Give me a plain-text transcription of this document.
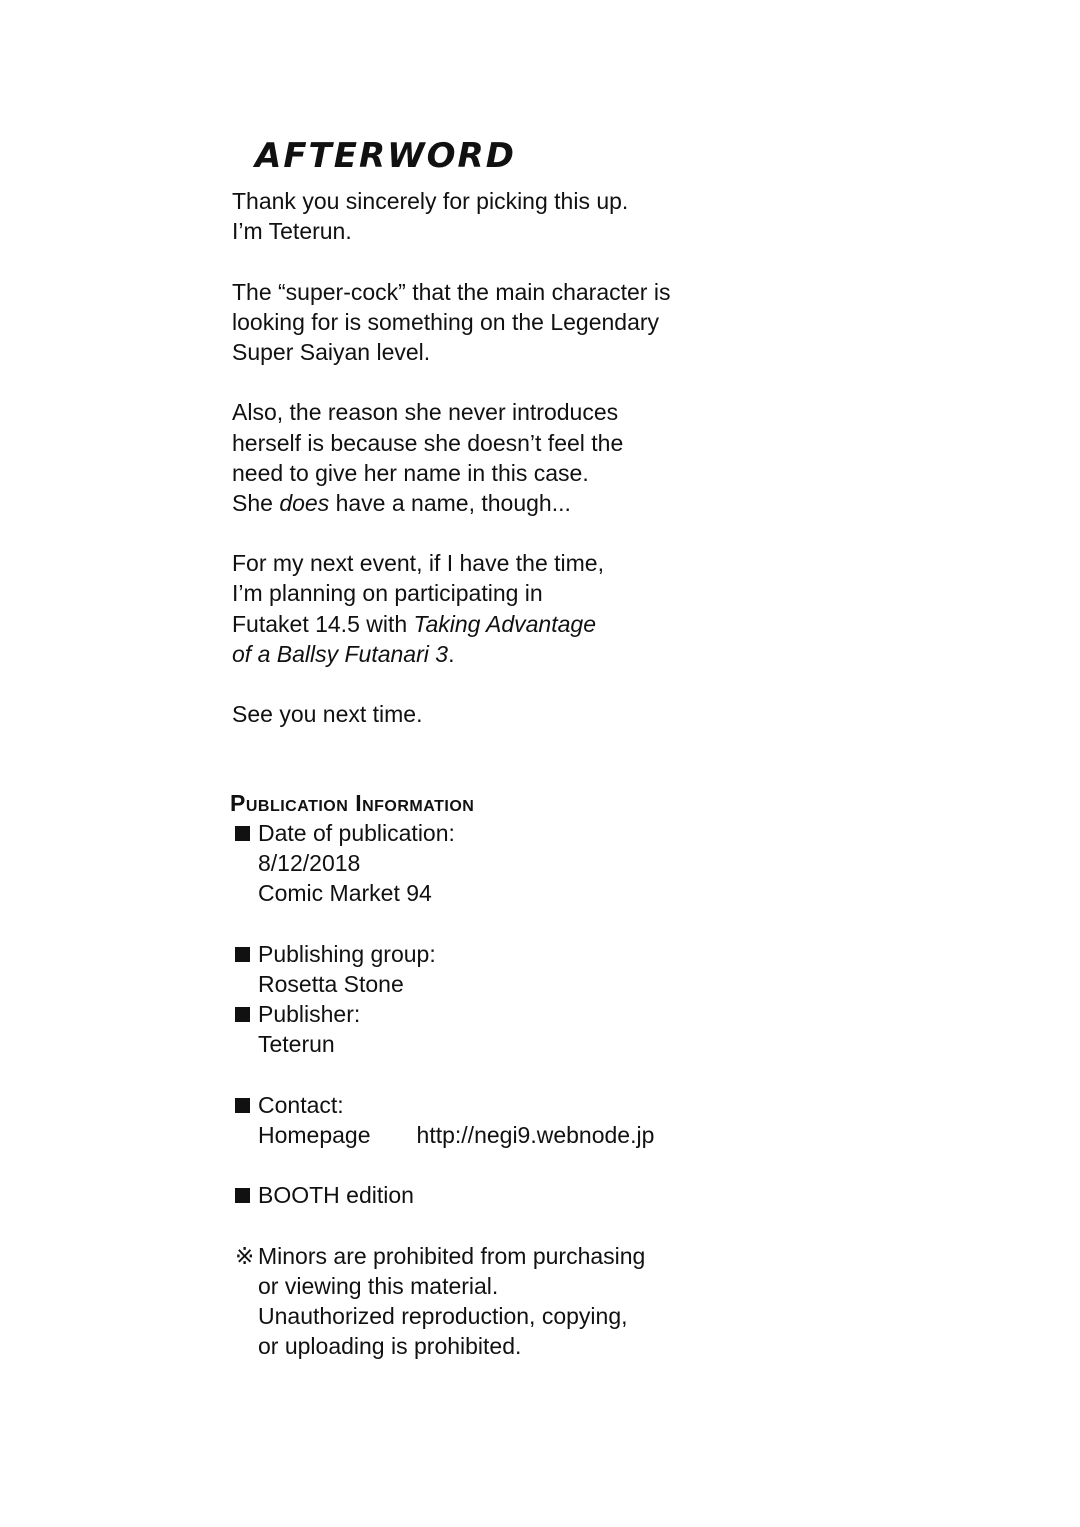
AFTERWORD
Thank you sincerely for picking this up.
I’m Teterun.
The “super-cock” that the main character is
looking for is something on the Legendary
Super Saiyan level.
Also, the reason she never introduces
herself is because she doesn’t feel the
need to give her name in this case.
She does have a name, though...
For my next event, if I have the time,
I’m planning on participating in
Futaket 14.5 with Taking Advantage
of a Ballsy Futanari 3.
See you next time.
Publication Information
Date of publication:
8/12/2018
Comic Market 94
Publishing group:
Rosetta Stone
Publisher:
Teterun
Contact:
Homepage http://negi9.webnode.jp
BOOTH edition
※ Minors are prohibited from purchasing
or viewing this material.
Unauthorized reproduction, copying,
or uploading is prohibited.
